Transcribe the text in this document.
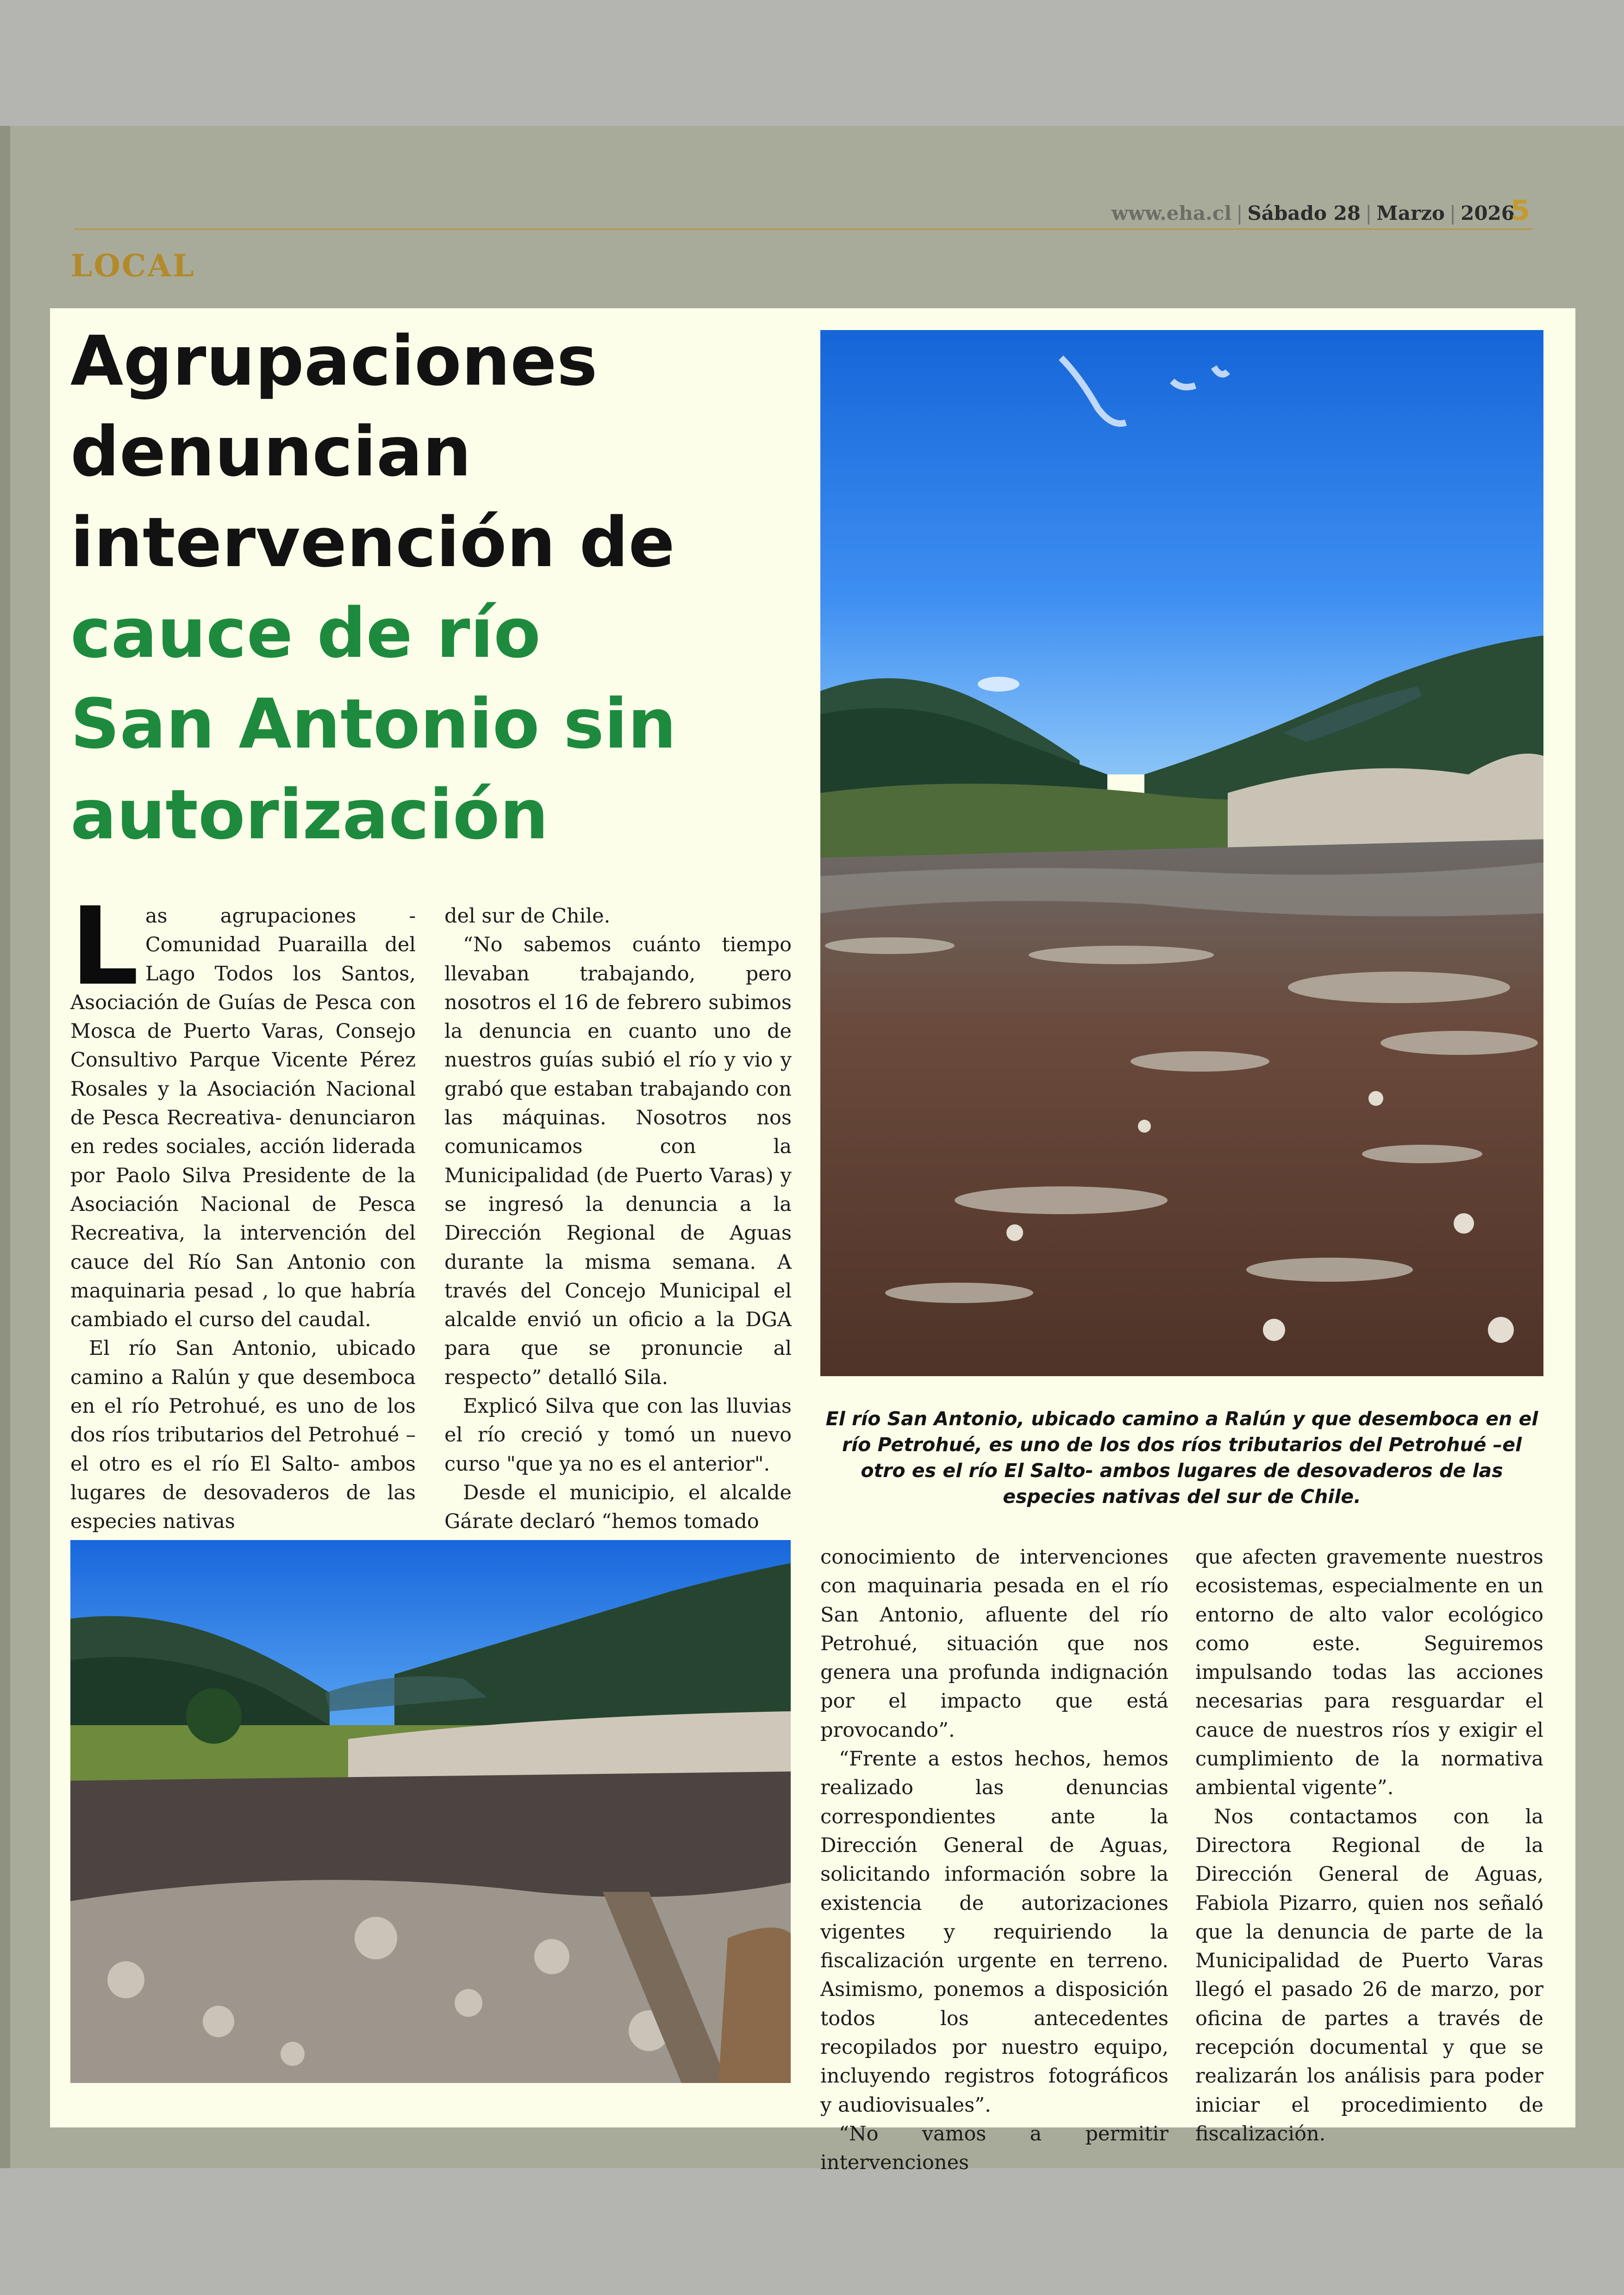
www.eha.cl | Sábado 28 | Marzo | 2026
5
LOCAL
Agrupaciones
denuncian
intervención de
cauce de río
San Antonio sin
autorización
El río San Antonio, ubicado camino a Ralún y que desemboca en el río Petrohué, es uno de los dos ríos tributarios del Petrohué –el otro es el río El Salto- ambos lugares de desovaderos de las especies nativas del sur de Chile.

Las agrupaciones -Comunidad Puarailla del Lago Todos los Santos, Asociación de Guías de Pesca con Mosca de Puerto Varas, Consejo Consultivo Parque Vicente Pérez Rosales y la Asociación Nacional de Pesca Recreativa- denunciaron en redes sociales, acción liderada por Paolo Silva Presidente de la Asociación Nacional de Pesca Recreativa, la intervención del cauce del Río San Antonio con maquinaria pesad , lo que habría cambiado el curso del caudal.

El río San Antonio, ubicado camino a Ralún y que desemboca en el río Petrohué, es uno de los dos ríos tributarios del Petrohué – el otro es el río El Salto- ambos lugares de desovaderos de las especies nativas

del sur de Chile.

“No sabemos cuánto tiempo llevaban trabajando, pero nosotros el 16 de febrero subimos la denuncia en cuanto uno de nuestros guías subió el río y vio y grabó que estaban trabajando con las máquinas. Nosotros nos comunicamos con la Municipalidad (de Puerto Varas) y se ingresó la denuncia a la Dirección Regional de Aguas durante la misma semana. A través del Concejo Municipal el alcalde envió un oficio a la DGA para que se pronuncie al respecto” detalló Sila.

Explicó Silva que con las lluvias el río creció y tomó un nuevo curso "que ya no es el anterior".

Desde el municipio, el alcalde Gárate declaró “hemos tomado

conocimiento de intervenciones con maquinaria pesada en el río San Antonio, afluente del río Petrohué, situación que nos genera una profunda indignación por el impacto que está provocando”.

“Frente a estos hechos, hemos realizado las denuncias correspondientes ante la Dirección General de Aguas, solicitando información sobre la existencia de autorizaciones vigentes y requiriendo la fiscalización urgente en terreno. Asimismo, ponemos a disposición todos los antecedentes recopilados por nuestro equipo, incluyendo registros fotográficos y audiovisuales”.

“No vamos a permitir intervenciones

que afecten gravemente nuestros ecosistemas, especialmente en un entorno de alto valor ecológico como este. Seguiremos impulsando todas las acciones necesarias para resguardar el cauce de nuestros ríos y exigir el cumplimiento de la normativa ambiental vigente”.

Nos contactamos con la Directora Regional de la Dirección General de Aguas, Fabiola Pizarro, quien nos señaló que la denuncia de parte de la Municipalidad de Puerto Varas llegó el pasado 26 de marzo, por oficina de partes a través de recepción documental y que se realizarán los análisis para poder iniciar el procedimiento de fiscalización.
